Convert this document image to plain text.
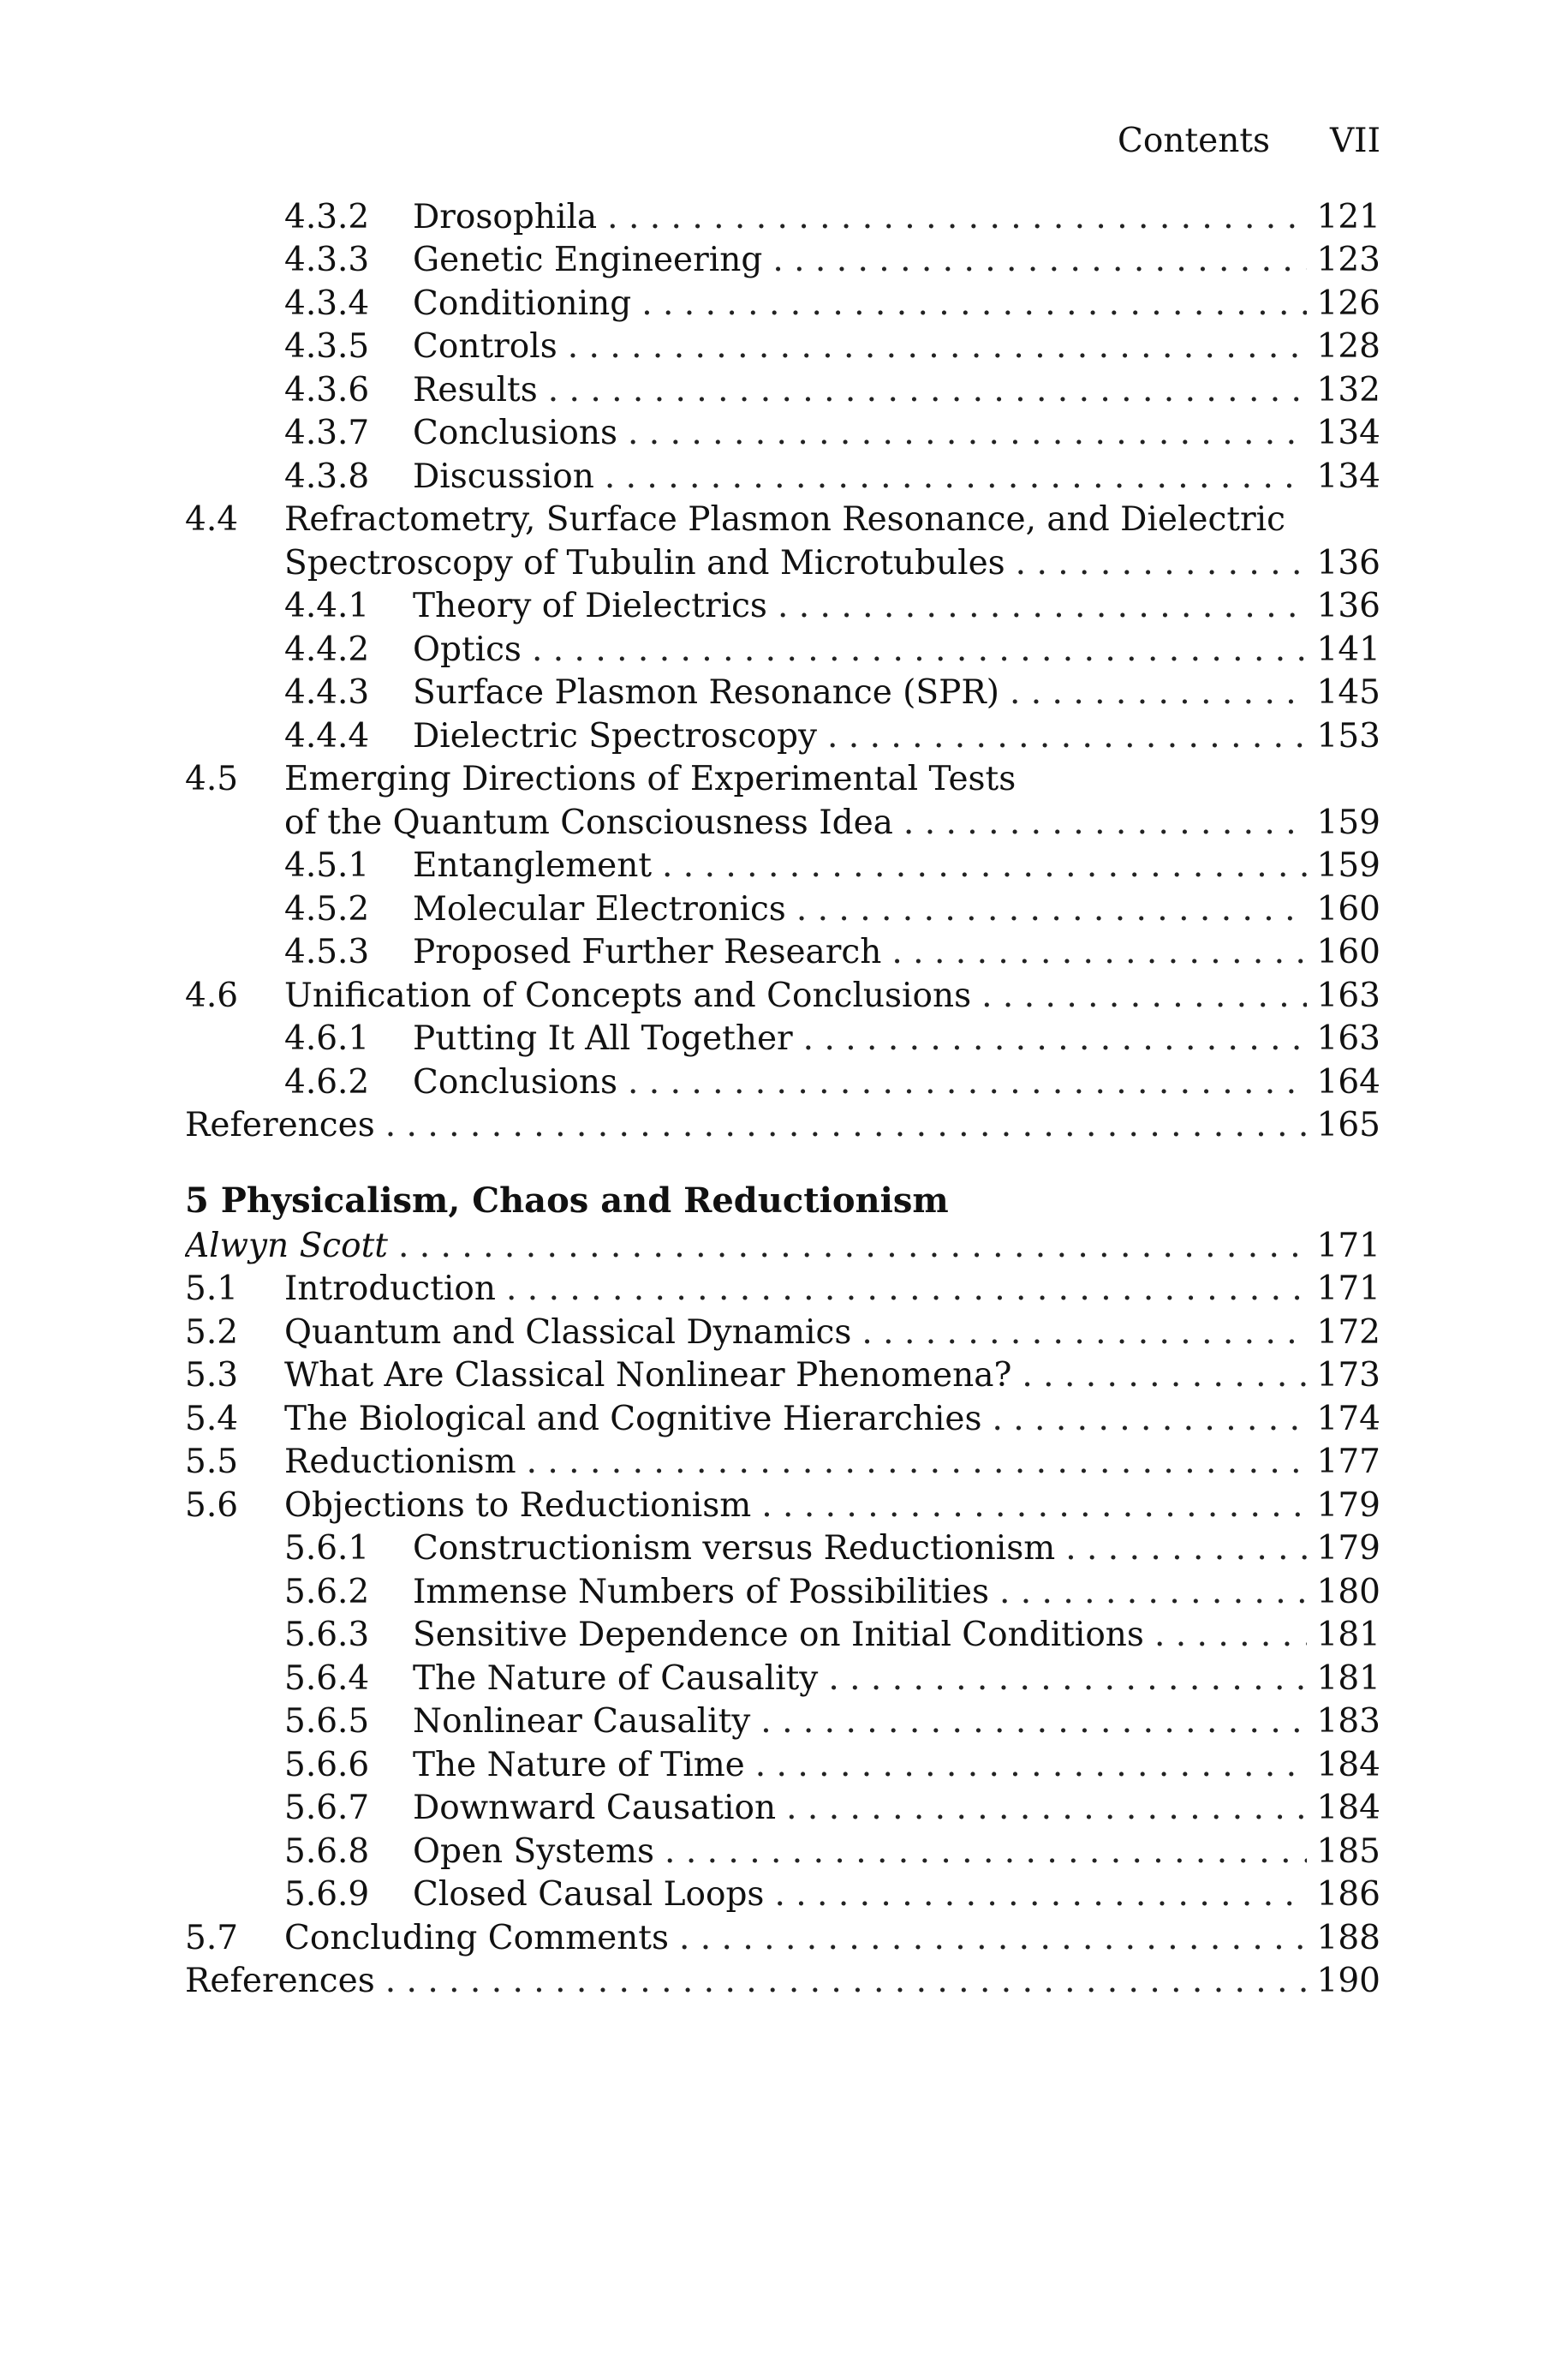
Contents VII
4.3.2	Drosophila . . .	121
4.3.3	Genetic Engineering . . .	123
4.3.4	Conditioning . . .	126
4.3.5	Controls . . .	128
4.3.6	Results . . .	132
4.3.7	Conclusions . . .	134
4.3.8	Discussion . . .	134
4.4	Refractometry, Surface Plasmon Resonance, and Dielectric
Spectroscopy of Tubulin and Microtubules . . .	136
4.4.1	Theory of Dielectrics . . .	136
4.4.2	Optics . . .	141
4.4.3	Surface Plasmon Resonance (SPR) . . .	145
4.4.4	Dielectric Spectroscopy . . .	153
4.5	Emerging Directions of Experimental Tests
of the Quantum Consciousness Idea . . .	159
4.5.1	Entanglement . . .	159
4.5.2	Molecular Electronics . . .	160
4.5.3	Proposed Further Research . . .	160
4.6	Unification of Concepts and Conclusions . . .	163
4.6.1	Putting It All Together . . .	163
4.6.2	Conclusions . . .	164
References . . .	165
5 Physicalism, Chaos and Reductionism
Alwyn Scott . . .	171
5.1	Introduction . . .	171
5.2	Quantum and Classical Dynamics . . .	172
5.3	What Are Classical Nonlinear Phenomena? . . .	173
5.4	The Biological and Cognitive Hierarchies . . .	174
5.5	Reductionism . . .	177
5.6	Objections to Reductionism . . .	179
5.6.1	Constructionism versus Reductionism . . .	179
5.6.2	Immense Numbers of Possibilities . . .	180
5.6.3	Sensitive Dependence on Initial Conditions . . .	181
5.6.4	The Nature of Causality . . .	181
5.6.5	Nonlinear Causality . . .	183
5.6.6	The Nature of Time . . .	184
5.6.7	Downward Causation . . .	184
5.6.8	Open Systems . . .	185
5.6.9	Closed Causal Loops . . .	186
5.7	Concluding Comments . . .	188
References . . .	190
